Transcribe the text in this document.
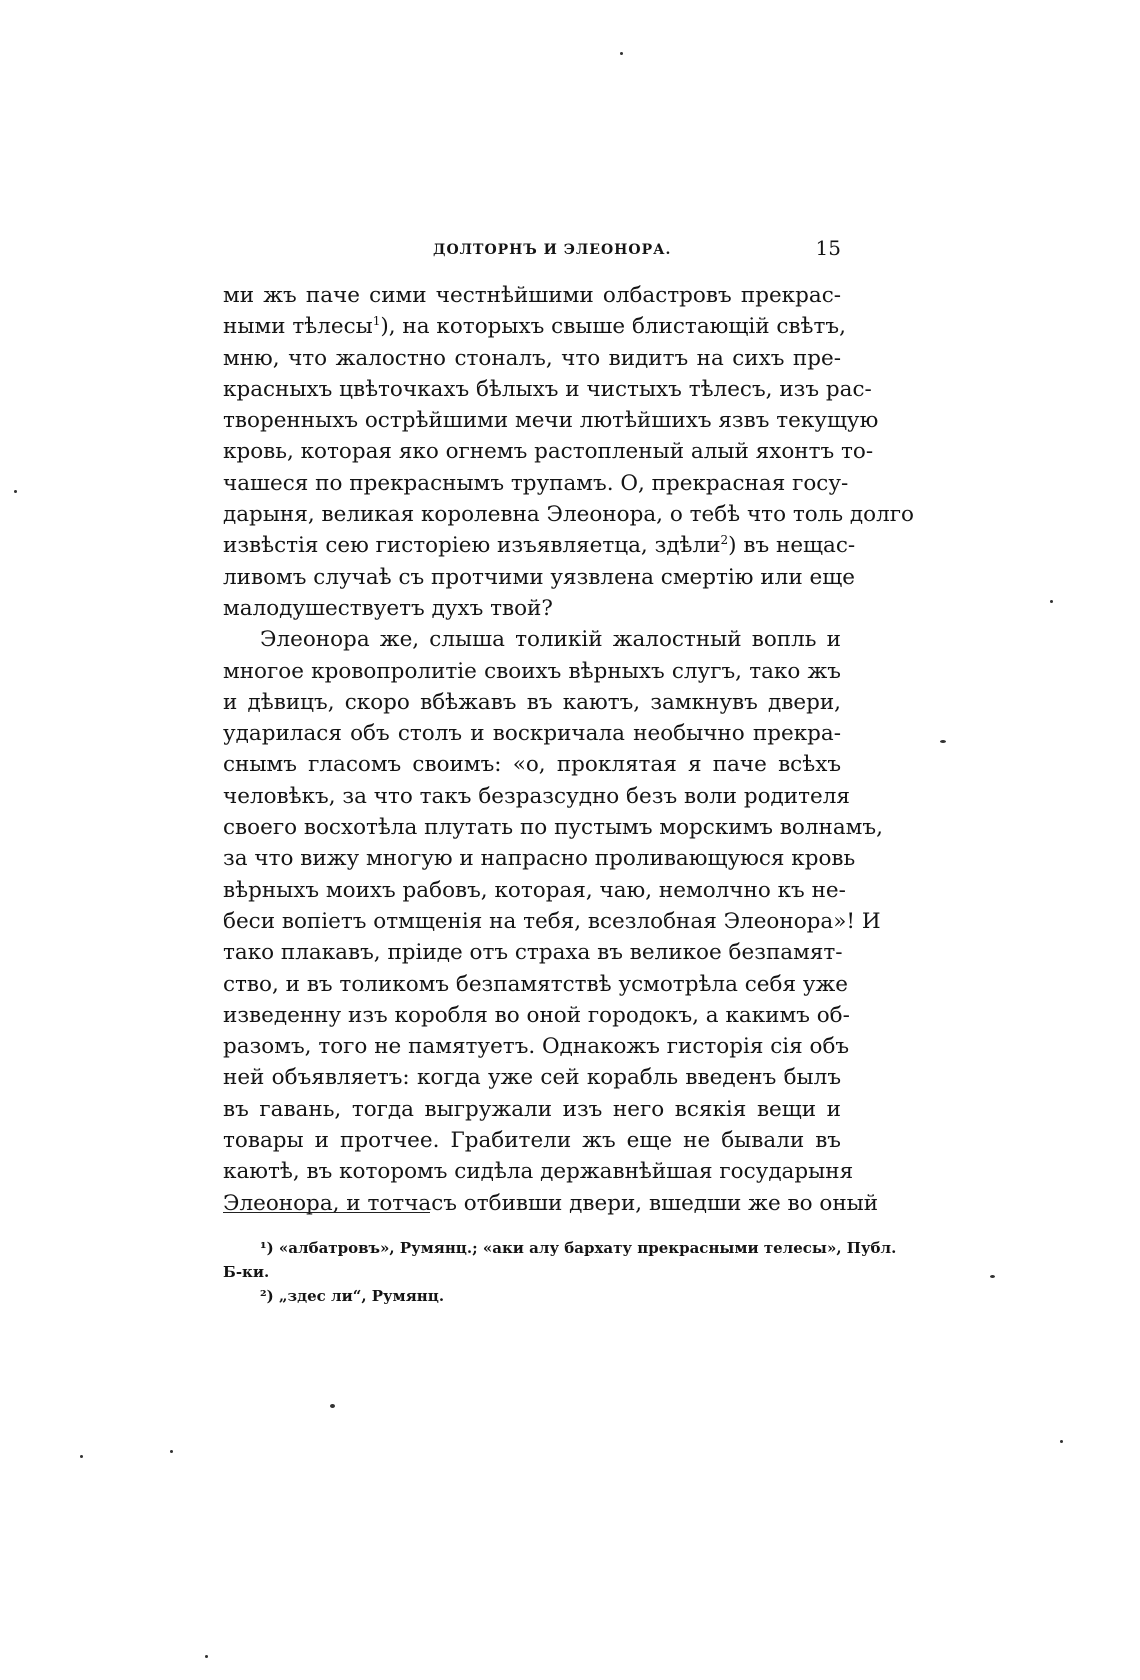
ДОЛТОРНЪ И ЭЛЕОНОРА.	15
ми жъ паче сими честнѣйшими олбастровъ прекрас-
ными тѣлесы$^1$), на которыхъ свыше блистающій свѣтъ,
мню, что жалостно стоналъ, что видитъ на сихъ пре-
красныхъ цвѣточкахъ бѣлыхъ и чистыхъ тѣлесъ, изъ рас-
творенныхъ острѣйшими мечи лютѣйшихъ язвъ текущую
кровь, которая яко огнемъ растопленый алый яхонтъ то-
чашеся по прекраснымъ трупамъ. О, прекрасная госу-
дарыня, великая королевна Элеонора, о тебѣ что толь долго
извѣстія сею гисторіею изъявляетца, здѣли$^2$) въ нещас-
ливомъ случаѣ съ протчими уязвлена смертію или еще
малодушествуетъ духъ твой?
Элеонора же, слыша толикій жалостный вопль и
многое кровопролитіе своихъ вѣрныхъ слугъ, тако жъ
и дѣвицъ, скоро вбѣжавъ въ каютъ, замкнувъ двери,
ударилася объ столъ и воскричала необычно прекра-
снымъ гласомъ своимъ: «о, проклятая я паче всѣхъ
человѣкъ, за что такъ безразсудно безъ воли родителя
своего восхотѣла плутать по пустымъ морскимъ волнамъ,
за что вижу многую и напрасно проливающуюся кровь
вѣрныхъ моихъ рабовъ, которая, чаю, немолчно къ не-
беси вопіетъ отмщенія на тебя, всезлобная Элеонора»! И
тако плакавъ, пріиде отъ страха въ великое безпамят-
ство, и въ толикомъ безпамятствѣ усмотрѣла себя уже
изведенну изъ коробля во оной городокъ, а какимъ об-
разомъ, того не памятуетъ. Однакожъ гисторія сія объ
ней объявляетъ: когда уже сей корабль введенъ былъ
въ гавань, тогда выгружали изъ него всякія вещи и
товары и протчее. Грабители жъ еще не бывали въ
каютѣ, въ которомъ сидѣла державнѣйшая государыня
Элеонора, и тотчасъ отбивши двери, вшедши же во оный
¹) «албатровъ», Румянц.; «аки алу бархату прекрасными телесы», Публ.
Б-ки.
²) „здес ли“, Румянц.
